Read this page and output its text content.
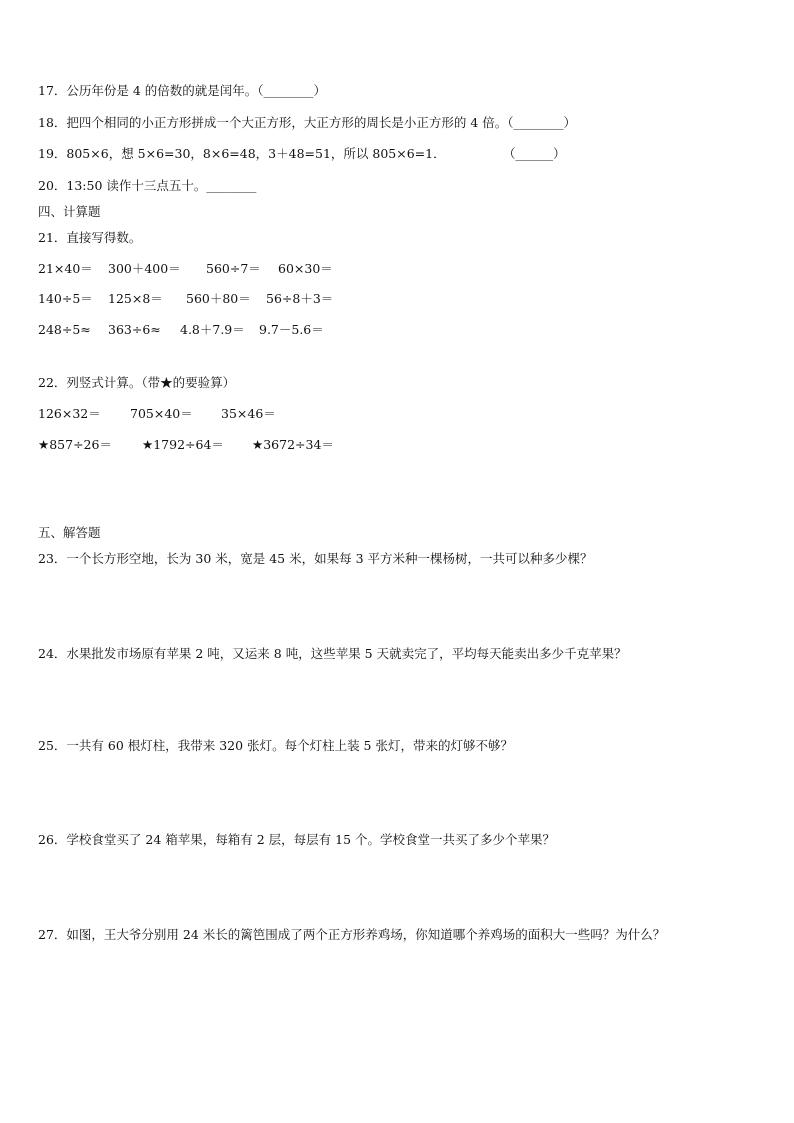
17．公历年份是 4 的倍数的就是闰年。（________）
18．把四个相同的小正方形拼成一个大正方形，大正方形的周长是小正方形的 4 倍。（________）
19．805×6，想 5×6=30，8×6=48，3＋48=51，所以 805×6=1．	（______）
20．13:50 读作十三点五十。________
四、计算题
21．直接写得数。
21×40＝ 300＋400＝ 560÷7＝ 60×30＝
140÷5＝ 125×8＝ 560＋80＝ 56÷8＋3＝
248÷5≈ 363÷6≈ 4.8＋7.9＝ 9.7－5.6＝
22．列竖式计算。（带★的要验算）
126×32＝ 705×40＝ 35×46＝
★857÷26＝ ★1792÷64＝ ★3672÷34＝
五、解答题
23．一个长方形空地，长为 30 米，宽是 45 米，如果每 3 平方米种一棵杨树，一共可以种多少棵？
24．水果批发市场原有苹果 2 吨，又运来 8 吨，这些苹果 5 天就卖完了，平均每天能卖出多少千克苹果？
25．一共有 60 根灯柱，我带来 320 张灯。每个灯柱上装 5 张灯，带来的灯够不够？
26．学校食堂买了 24 箱苹果，每箱有 2 层，每层有 15 个。学校食堂一共买了多少个苹果？
27．如图，王大爷分别用 24 米长的篱笆围成了两个正方形养鸡场，你知道哪个养鸡场的面积大一些吗？为什么？
